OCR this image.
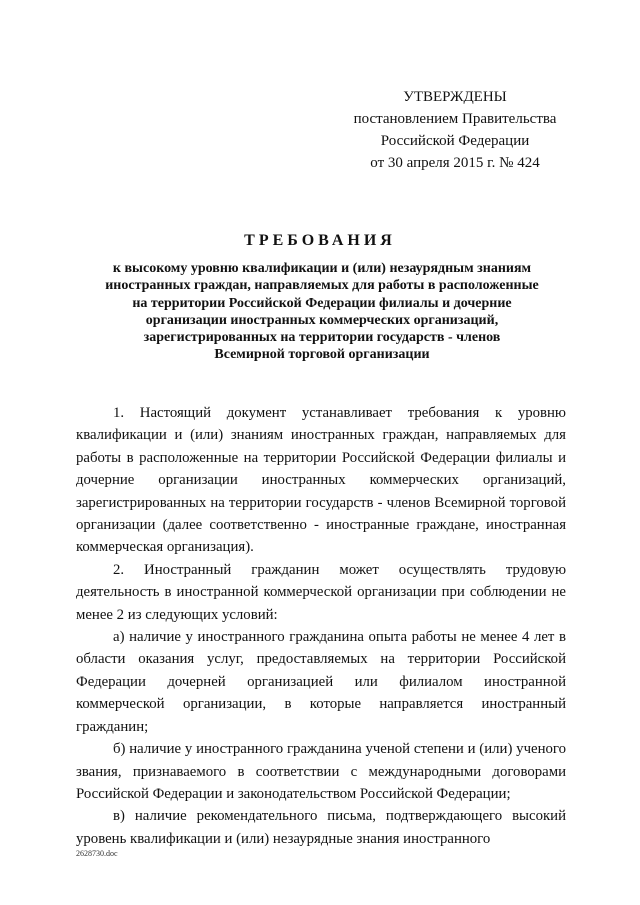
УТВЕРЖДЕНЫ
постановлением Правительства
Российской Федерации
от 30 апреля 2015 г. № 424
ТРЕБОВАНИЯ
к высокому уровню квалификации и (или) незаурядным знаниям
иностранных граждан, направляемых для работы в расположенные
на территории Российской Федерации филиалы и дочерние
организации иностранных коммерческих организаций,
зарегистрированных на территории государств - членов
Всемирной торговой организации

1. Настоящий документ устанавливает требования к уровню квалификации и (или) знаниям иностранных граждан, направляемых для работы в расположенные на территории Российской Федерации филиалы и дочерние организации иностранных коммерческих организаций, зарегистрированных на территории государств - членов Всемирной торговой организации (далее соответственно - иностранные граждане, иностранная коммерческая организация).

2. Иностранный гражданин может осуществлять трудовую деятельность в иностранной коммерческой организации при соблюдении не менее 2 из следующих условий:

а) наличие у иностранного гражданина опыта работы не менее 4 лет в области оказания услуг, предоставляемых на территории Российской Федерации дочерней организацией или филиалом иностранной коммерческой организации, в которые направляется иностранный гражданин;

б) наличие у иностранного гражданина ученой степени и (или) ученого звания, признаваемого в соответствии с международными договорами Российской Федерации и законодательством Российской Федерации;

в) наличие рекомендательного письма, подтверждающего высокий уровень квалификации и (или) незаурядные знания иностранного

2628730.doc
